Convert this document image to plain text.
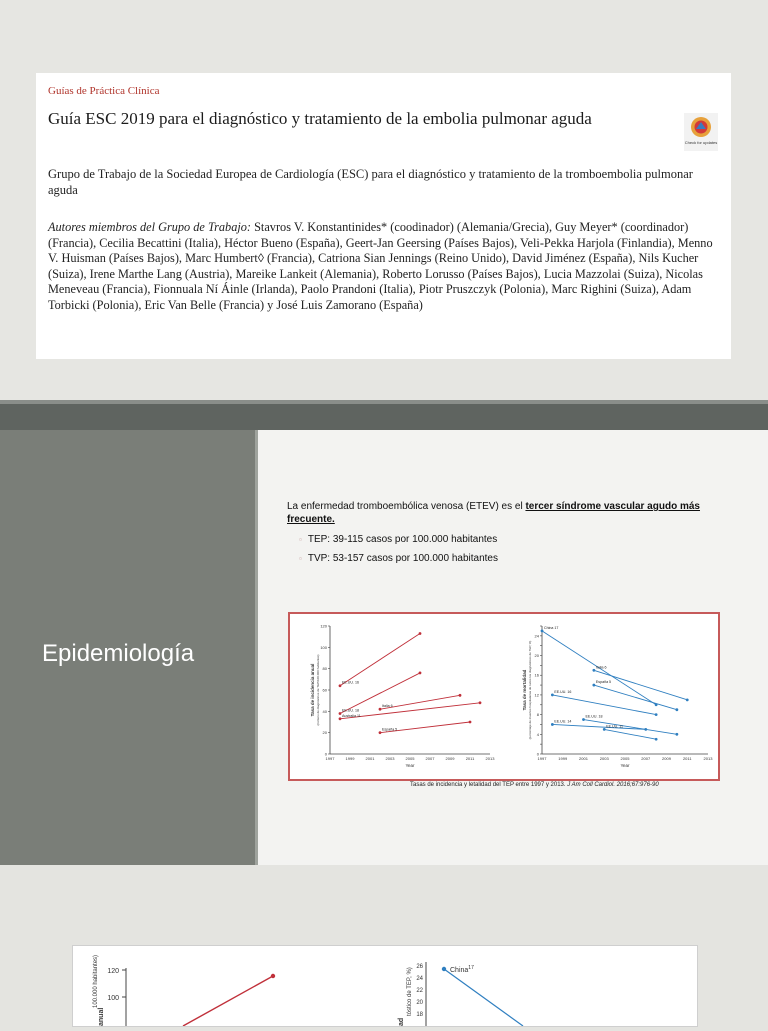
Guías de Práctica Clínica
Guía ESC 2019 para el diagnóstico y tratamiento de la embolia pulmonar aguda
Check for updates
Grupo de Trabajo de la Sociedad Europea de Cardiología (ESC) para el diagnóstico y tratamiento de la tromboembolia pulmonar aguda
Autores miembros del Grupo de Trabajo: Stavros V. Konstantinides* (coodinador) (Alemania/Grecia), Guy Meyer* (coordinador) (Francia), Cecilia Becattini (Italia), Héctor Bueno (España), Geert-Jan Geersing (Países Bajos), Veli-Pekka Harjola (Finlandia), Menno V. Huisman (Países Bajos), Marc Humbert◊ (Francia), Catriona Sian Jennings (Reino Unido), David Jiménez (España), Nils Kucher (Suiza), Irene Marthe Lang (Austria), Mareike Lankeit (Alemania), Roberto Lorusso (Países Bajos), Lucia Mazzolai (Suiza), Nicolas Meneveau (Francia), Fionnuala Ní Áinle (Irlanda), Paolo Prandoni (Italia), Piotr Pruszczyk (Polonia), Marc Righini (Suiza), Adam Torbicki (Polonia), Eric Van Belle (Francia) y José Luis Zamorano (España)
Epidemiología
La enfermedad tromboembólica venosa (ETEV) es el tercer síndrome vascular agudo más frecuente.
▫ TEP: 39-115 casos por 100.000 habitantes
▫ TVP: 53-157 casos por 100.000 habitantes
0
20
40
60
80
100
120
1997	1999	2001	2003	2005	2007	2009	2011	2013
Year
Tasa de incidencia anual (número de diagnósticos de TEP/100.000 habitantes)	EE.UU. 16
EE.UU. 18
Italia 6
Australia 11
España 5
0
4
8
12
16
20
24
1997	1999	2001	2003	2005	2007	2009	2011	2013
Year
Tasa de mortalidad (porcentaje de muertes hospitalarias de todos los diagnósticos de TEP, %)
China 17
Italia 6
España 5
EE.UU. 16
EE.UU. 18
EE.UU. 14
EE.UU. 11
Tasas de incidencia y letalidad del TEP entre 1997 y 2013. J Am Coll Cardiol. 2016;67:976-90
120
100
anual
100.000 habitantes)	26
24
22
20
18
ad
tóstico de TEP, %)	China$^{17}$
